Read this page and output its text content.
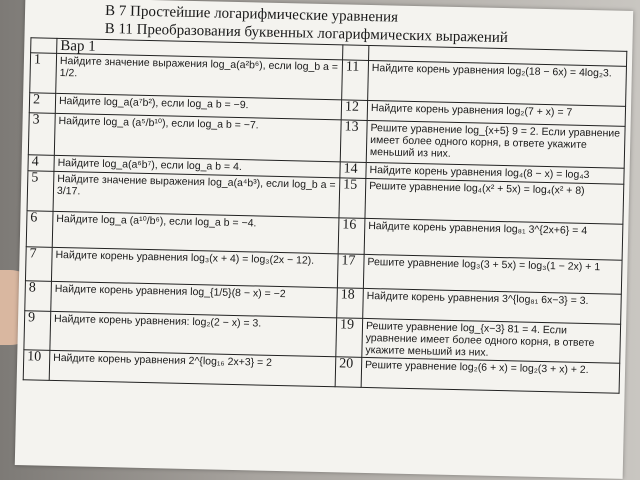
В 7 Простейшие логарифмические уравнения
В 11 Преобразования буквенных логарифмических выражений
	Вар 1		
1	Найдите значение выражения log_a(a²b⁶), если log_b a = 1/2.	11	Найдите корень уравнения log₂(18 − 6x) = 4log₂3.
2	Найдите log_a(a⁷b²), если log_a b = −9.	12	Найдите корень уравнения log₂(7 + x) = 7
3	Найдите log_a (a⁵/b¹⁰), если log_a b = −7.	13	Решите уравнение log_{x+5} 9 = 2. Если уравнение имеет более одного корня, в ответе укажите меньший из них.
4	Найдите log_a(a⁶b⁷), если log_a b = 4.	14	Найдите корень уравнения log₄(8 − x) = log₄3
5	Найдите значение выражения log_a(a⁴b³), если log_b a = 3/17.	15	Решите уравнение log₄(x² + 5x) = log₄(x² + 8)
6	Найдите log_a (a¹⁰/b⁶), если log_a b = −4.	16	Найдите корень уравнения log₈₁ 3^{2x+6} = 4
7	Найдите корень уравнения log₃(x + 4) = log₃(2x − 12).	17	Решите уравнение log₃(3 + 5x) = log₃(1 − 2x) + 1
8	Найдите корень уравнения log_{1/5}(8 − x) = −2	18	Найдите корень уравнения 3^{log₈₁ 6x−3} = 3.
9	Найдите корень уравнения: log₂(2 − x) = 3.	19	Решите уравнение log_{x−3} 81 = 4. Если уравнение имеет более одного корня, в ответе укажите меньший из них.
10	Найдите корень уравнения 2^{log₁₆ 2x+3} = 2	20	Решите уравнение log₂(6 + x) = log₂(3 + x) + 2.
